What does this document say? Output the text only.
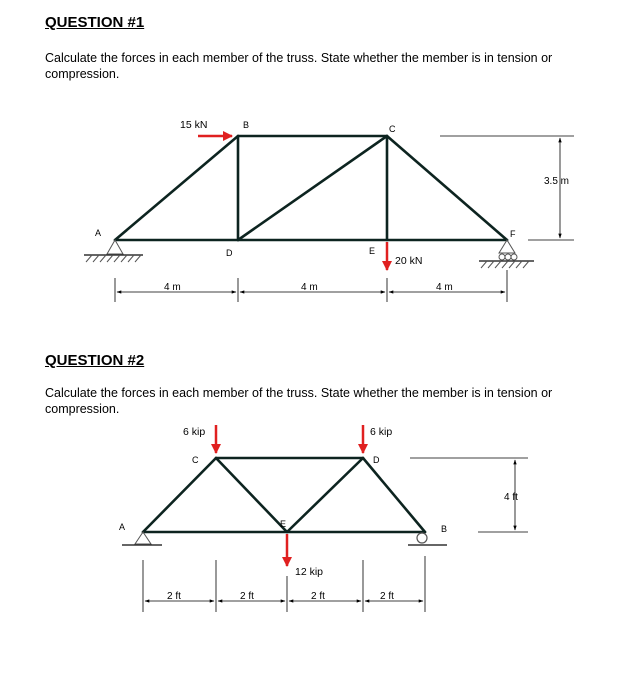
QUESTION #1

Calculate the forces in each member of the truss. State whether the member is in tension or compression.

QUESTION #2

Calculate the forces in each member of the truss. State whether the member is in tension or compression.

A
B	C
D	E
F
15 kN
20 kN
3.5 m
4 m	4 m	4 m
A	B
C	D
E
6 kip	6 kip
12 kip
4 ft
2 ft	2 ft	2 ft	2 ft
